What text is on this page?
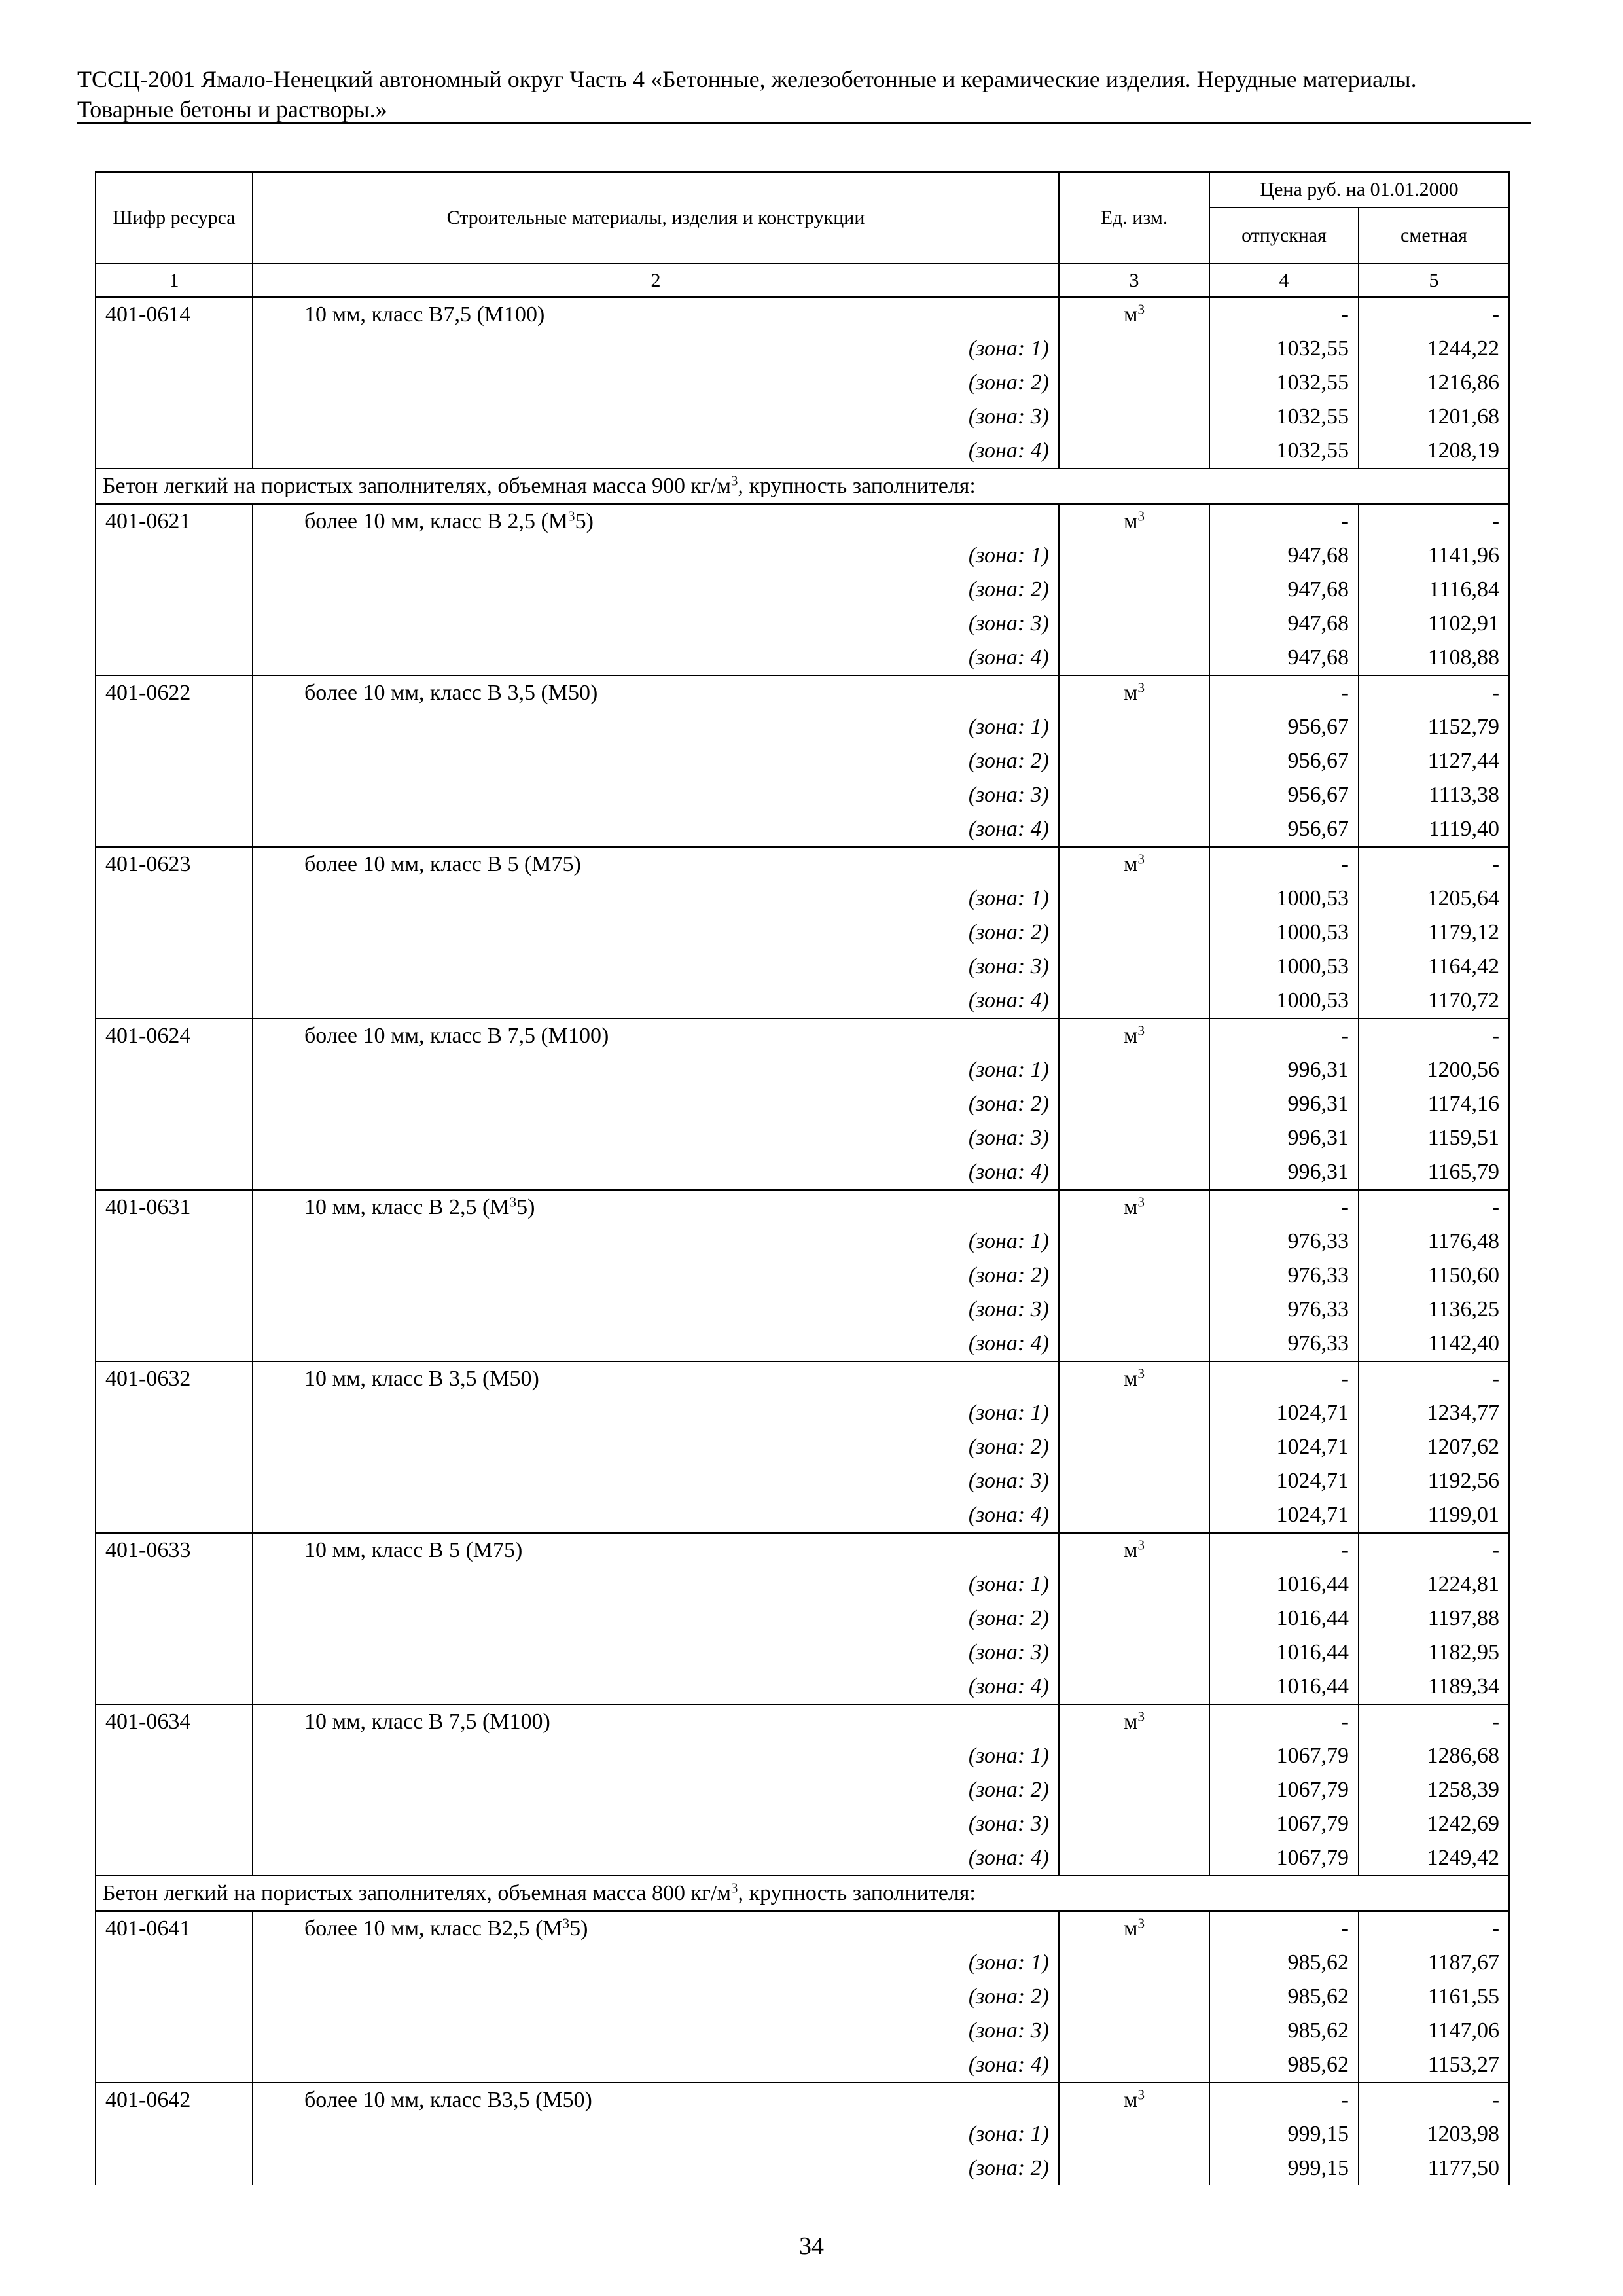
ТССЦ-2001 Ямало-Ненецкий автономный округ Часть 4 «Бетонные, железобетонные и керамические изделия. Нерудные материалы.
Товарные бетоны и растворы.»
Шифр ресурса	Строительные материалы, изделия и конструкции	Ед. изм.	Цена руб. на 01.01.2000	
			отпускная	сметная
1	2	3	4	5
401-0614	10 мм, класс В7,5 (М100)	$м^3$	-	-
	(зона: 1)		1032,55	1244,22
	(зона: 2)		1032,55	1216,86
	(зона: 3)		1032,55	1201,68
	(зона: 4)		1032,55	1208,19
Бетон легкий на пористых заполнителях, объемная масса 900 $кг/м^3$, крупность заполнителя:				
401-0621	более 10 мм, класс В 2,5 $(М^35)$	$м^3$	-	-
	(зона: 1)		947,68	1141,96
	(зона: 2)		947,68	1116,84
	(зона: 3)		947,68	1102,91
	(зона: 4)		947,68	1108,88
401-0622	более 10 мм, класс В 3,5 (М50)	$м^3$	-	-
	(зона: 1)		956,67	1152,79
	(зона: 2)		956,67	1127,44
	(зона: 3)		956,67	1113,38
	(зона: 4)		956,67	1119,40
401-0623	более 10 мм, класс В 5 (М75)	$м^3$	-	-
	(зона: 1)		1000,53	1205,64
	(зона: 2)		1000,53	1179,12
	(зона: 3)		1000,53	1164,42
	(зона: 4)		1000,53	1170,72
401-0624	более 10 мм, класс В 7,5 (М100)	$м^3$	-	-
	(зона: 1)		996,31	1200,56
	(зона: 2)		996,31	1174,16
	(зона: 3)		996,31	1159,51
	(зона: 4)		996,31	1165,79
401-0631	10 мм, класс В 2,5 $(М^35)$	$м^3$	-	-
	(зона: 1)		976,33	1176,48
	(зона: 2)		976,33	1150,60
	(зона: 3)		976,33	1136,25
	(зона: 4)		976,33	1142,40
401-0632	10 мм, класс В 3,5 (М50)	$м^3$	-	-
	(зона: 1)		1024,71	1234,77
	(зона: 2)		1024,71	1207,62
	(зона: 3)		1024,71	1192,56
	(зона: 4)		1024,71	1199,01
401-0633	10 мм, класс В 5 (М75)	$м^3$	-	-
	(зона: 1)		1016,44	1224,81
	(зона: 2)		1016,44	1197,88
	(зона: 3)		1016,44	1182,95
	(зона: 4)		1016,44	1189,34
401-0634	10 мм, класс В 7,5 (М100)	$м^3$	-	-
	(зона: 1)		1067,79	1286,68
	(зона: 2)		1067,79	1258,39
	(зона: 3)		1067,79	1242,69
	(зона: 4)		1067,79	1249,42
Бетон легкий на пористых заполнителях, объемная масса 800 $кг/м^3$, крупность заполнителя:				
401-0641	более 10 мм, класс В2,5 $(М^35)$	$м^3$	-	-
	(зона: 1)		985,62	1187,67
	(зона: 2)		985,62	1161,55
	(зона: 3)		985,62	1147,06
	(зона: 4)		985,62	1153,27
401-0642	более 10 мм, класс В3,5 (М50)	$м^3$	-	-
	(зона: 1)		999,15	1203,98
	(зона: 2)		999,15	1177,50
34
